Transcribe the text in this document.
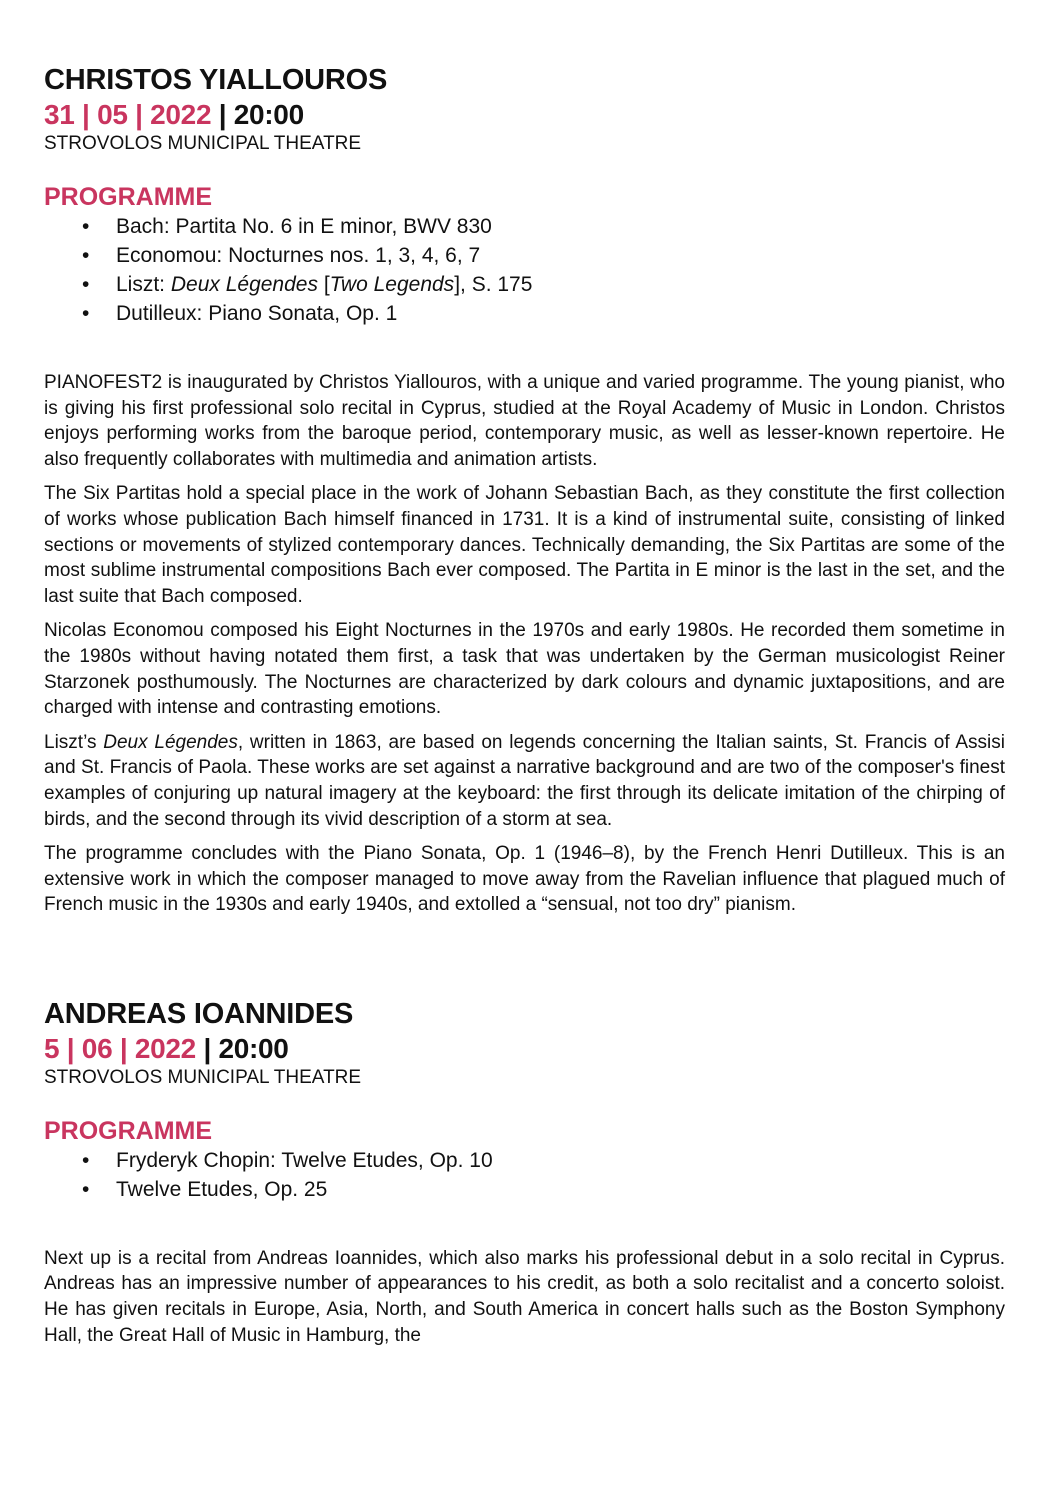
CHRISTOS YIALLOUROS

31 | 05 | 2022 | 20:00

STROVOLOS MUNICIPAL THEATRE

PROGRAMME
• Bach: Partita No. 6 in E minor, BWV 830
• Economou: Nocturnes nos. 1, 3, 4, 6, 7
• Liszt: Deux Légendes [Two Legends], S. 175
• Dutilleux: Piano Sonata, Op. 1

PIANOFEST2 is inaugurated by Christos Yiallouros, with a unique and varied programme. The young pianist, who is giving his first professional solo recital in Cyprus, studied at the Royal Academy of Music in London. Christos enjoys performing works from the baroque period, contemporary music, as well as lesser-known repertoire. He also frequently collaborates with multimedia and animation artists.

The Six Partitas hold a special place in the work of Johann Sebastian Bach, as they constitute the first collection of works whose publication Bach himself financed in 1731. It is a kind of instrumental suite, consisting of linked sections or movements of stylized contemporary dances. Technically demanding, the Six Partitas are some of the most sublime instrumental compositions Bach ever composed. The Partita in E minor is the last in the set, and the last suite that Bach composed.

Nicolas Economou composed his Eight Nocturnes in the 1970s and early 1980s. He recorded them sometime in the 1980s without having notated them first, a task that was undertaken by the German musicologist Reiner Starzonek posthumously. The Nocturnes are characterized by dark colours and dynamic juxtapositions, and are charged with intense and contrasting emotions.

Liszt’s Deux Légendes, written in 1863, are based on legends concerning the Italian saints, St. Francis of Assisi and St. Francis of Paola. These works are set against a narrative background and are two of the composer's finest examples of conjuring up natural imagery at the keyboard: the first through its delicate imitation of the chirping of birds, and the second through its vivid description of a storm at sea.

The programme concludes with the Piano Sonata, Op. 1 (1946–8), by the French Henri Dutilleux. This is an extensive work in which the composer managed to move away from the Ravelian influence that plagued much of French music in the 1930s and early 1940s, and extolled a “sensual, not too dry” pianism.

ANDREAS IOANNIDES

5 | 06 | 2022 | 20:00

STROVOLOS MUNICIPAL THEATRE

PROGRAMME
• Fryderyk Chopin: Twelve Etudes, Op. 10
• Twelve Etudes, Op. 25

Next up is a recital from Andreas Ioannides, which also marks his professional debut in a solo recital in Cyprus. Andreas has an impressive number of appearances to his credit, as both a solo recitalist and a concerto soloist. He has given recitals in Europe, Asia, North, and South America in concert halls such as the Boston Symphony Hall, the Great Hall of Music in Hamburg, the
